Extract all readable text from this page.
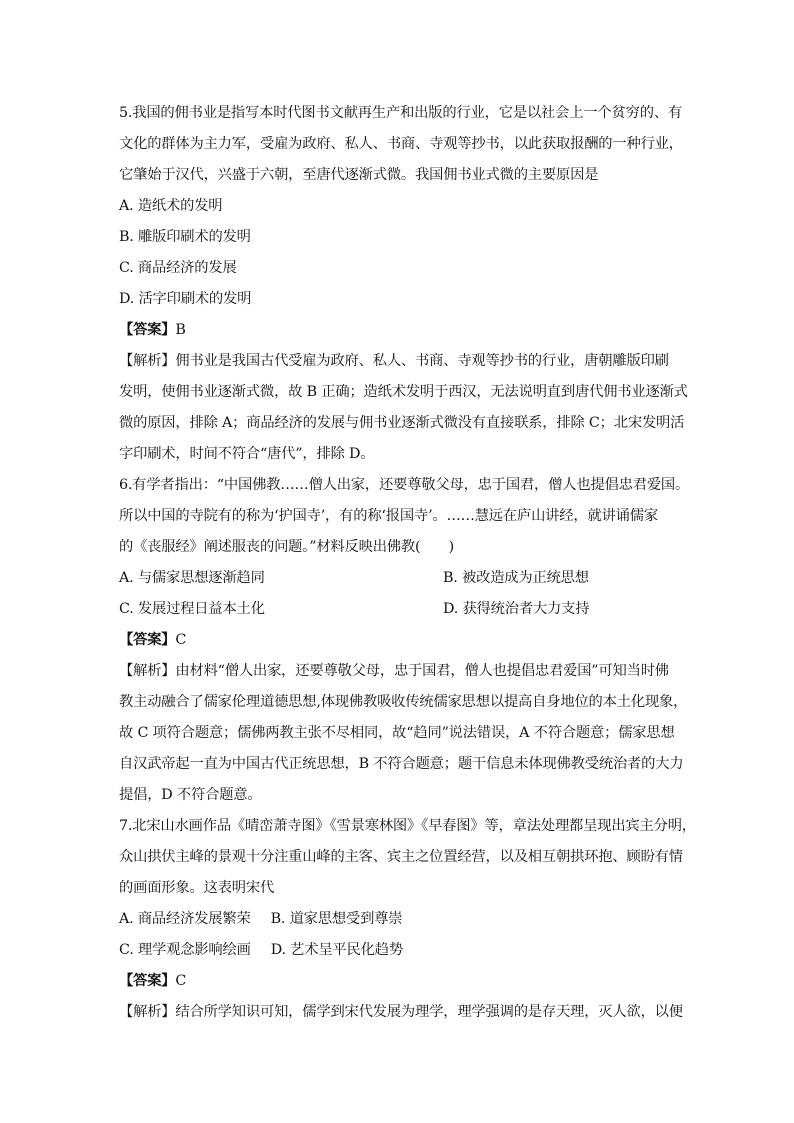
5.我国的佣书业是指写本时代图书文献再生产和出版的行业，它是以社会上一个贫穷的、有
文化的群体为主力军，受雇为政府、私人、书商、寺观等抄书，以此获取报酬的一种行业，
它肇始于汉代，兴盛于六朝，至唐代逐渐式微。我国佣书业式微的主要原因是
A. 造纸术的发明
B. 雕版印刷术的发明
C. 商品经济的发展
D. 活字印刷术的发明
【答案】B
【解析】佣书业是我国古代受雇为政府、私人、书商、寺观等抄书的行业，唐朝雕版印刷
发明，使佣书业逐渐式微，故 B 正确；造纸术发明于西汉，无法说明直到唐代佣书业逐渐式
微的原因，排除 A；商品经济的发展与佣书业逐渐式微没有直接联系，排除 C；北宋发明活
字印刷术，时间不符合“唐代”，排除 D。
6.有学者指出：“中国佛教……僧人出家，还要尊敬父母，忠于国君，僧人也提倡忠君爱国。
所以中国的寺院有的称为‘护国寺’，有的称‘报国寺’。……慧远在庐山讲经，就讲诵儒家
的《丧服经》阐述服丧的问题。”材料反映出佛教(　　)
A. 与儒家思想逐渐趋同	B. 被改造成为正统思想
C. 发展过程日益本土化	D. 获得统治者大力支持
【答案】C
【解析】由材料“僧人出家，还要尊敬父母，忠于国君，僧人也提倡忠君爱国”可知当时佛
教主动融合了儒家伦理道德思想,体现佛教吸收传统儒家思想以提高自身地位的本土化现象，
故 C 项符合题意；儒佛两教主张不尽相同，故“趋同”说法错误，A 不符合题意；儒家思想
自汉武帝起一直为中国古代正统思想，B 不符合题意；题干信息未体现佛教受统治者的大力
提倡，D 不符合题意。
7.北宋山水画作品《晴峦萧寺图》《雪景寒林图》《早春图》等，章法处理都呈现出宾主分明，
众山拱伏主峰的景观十分注重山峰的主客、宾主之位置经营，以及相互朝拱环抱、顾盼有情
的画面形象。这表明宋代
A. 商品经济发展繁荣 B. 道家思想受到尊崇
C. 理学观念影响绘画 D. 艺术呈平民化趋势
【答案】C
【解析】结合所学知识可知，儒学到宋代发展为理学，理学强调的是存天理，灭人欲，以便
